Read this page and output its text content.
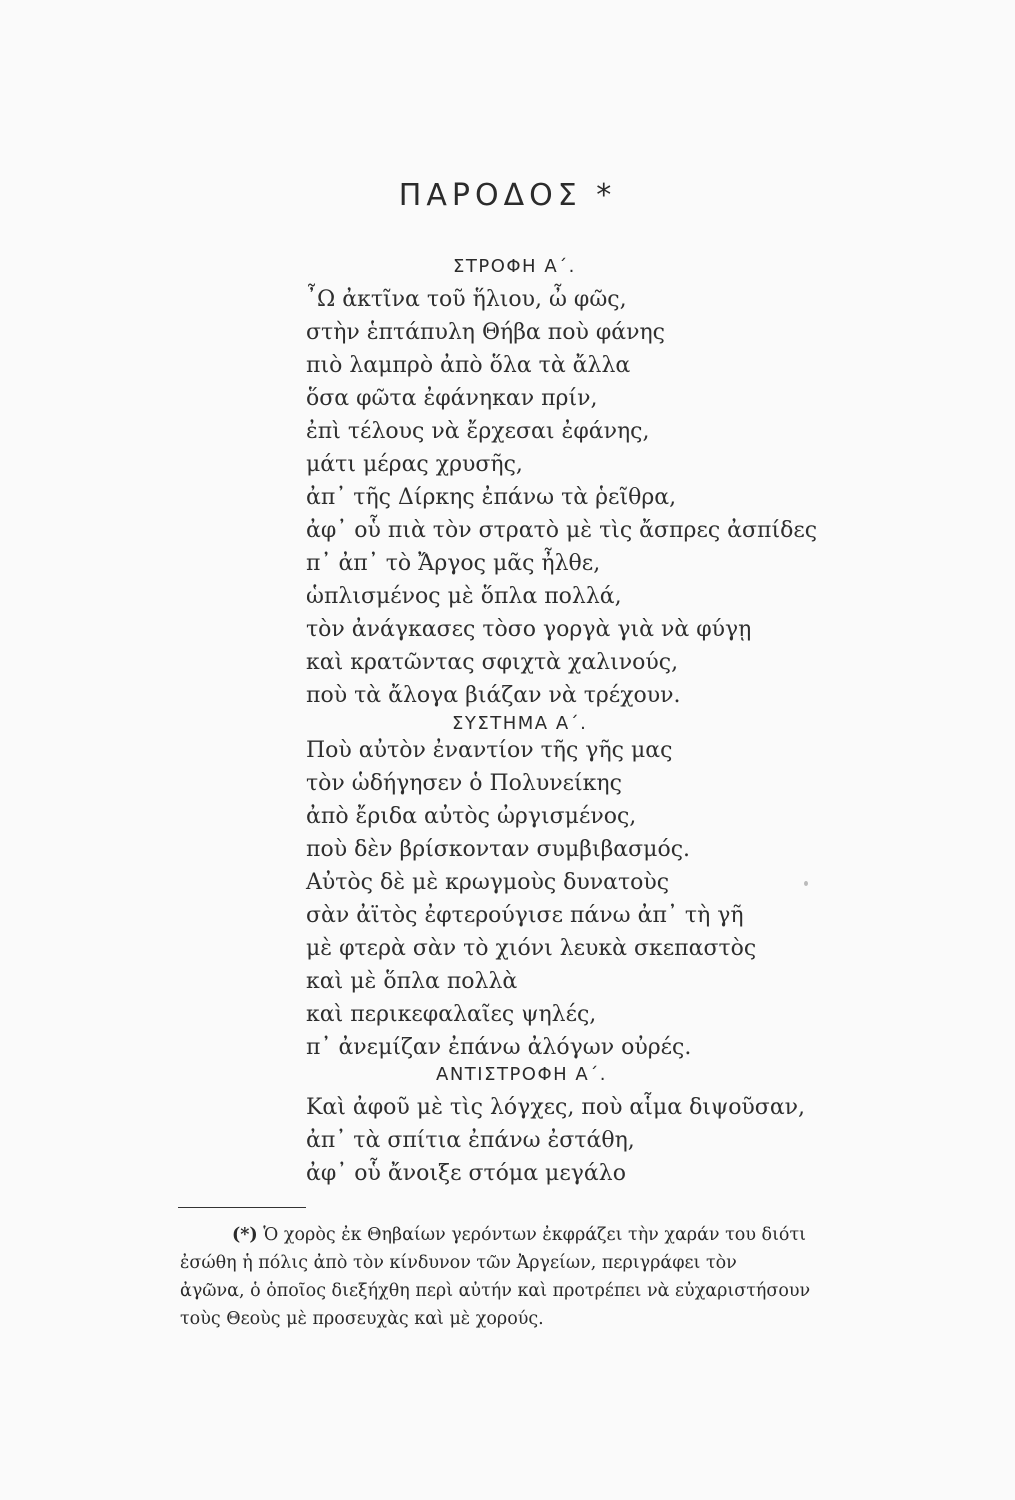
ΠΑΡΟΔΟΣ *
ΣΤΡΟΦΗ Α΄.
῏Ω ἀκτῖνα τοῦ ἥλιου, ὦ φῶς,
στὴν ἑπτάπυλη Θήβα ποὺ φάνης
πιὸ λαμπρὸ ἀπὸ ὅλα τὰ ἄλλα
ὅσα φῶτα ἐφάνηκαν πρίν,
ἐπὶ τέλους νὰ ἔρχεσαι ἐφάνης,
μάτι μέρας χρυσῆς,
ἀπ᾽ τῆς Δίρκης ἐπάνω τὰ ῥεῖθρα,
ἀφ᾽ οὗ πιὰ τὸν στρατὸ μὲ τὶς ἄσπρες ἀσπίδες
π᾽ ἀπ᾽ τὸ Ἄργος μᾶς ἦλθε,
ὡπλισμένος μὲ ὅπλα πολλά,
τὸν ἀνάγκασες τὸσο γοργὰ γιὰ νὰ φύγῃ
καὶ κρατῶντας σφιχτὰ χαλινούς,
ποὺ τὰ ἄλογα βιάζαν νὰ τρέχουν.
ΣΥΣΤΗΜΑ Α΄.
Ποὺ αὐτὸν ἐναντίον τῆς γῆς μας
τὸν ὡδήγησεν ὁ Πολυνείκης
ἀπὸ ἔριδα αὐτὸς ὠργισμένος,
ποὺ δὲν βρίσκονταν συμβιβασμός.
Αὐτὸς δὲ μὲ κρωγμοὺς δυνατοὺς
σὰν ἀϊτὸς ἐφτερούγισε πάνω ἀπ᾽ τὴ γῆ
μὲ φτερὰ σὰν τὸ χιόνι λευκὰ σκεπαστὸς
καὶ μὲ ὅπλα πολλὰ
καὶ περικεφαλαῖες ψηλές,
π᾽ ἀνεμίζαν ἐπάνω ἀλόγων οὐρές.
ΑΝΤΙΣΤΡΟΦΗ Α΄.
Καὶ ἀφοῦ μὲ τὶς λόγχες, ποὺ αἷμα διψοῦσαν,
ἀπ᾽ τὰ σπίτια ἐπάνω ἐστάθη,
ἀφ᾽ οὗ ἄνοιξε στόμα μεγάλο
(*) Ὁ χορὸς ἐκ Θηβαίων γερόντων ἐκφράζει τὴν χαράν του διότι
ἐσώθη ἡ πόλις ἀπὸ τὸν κίνδυνον τῶν Ἀργείων, περιγράφει τὸν
ἀγῶνα, ὁ ὁποῖος διεξήχθη περὶ αὐτήν καὶ προτρέπει νὰ εὐχαριστήσουν
τοὺς Θεοὺς μὲ προσευχὰς καὶ μὲ χορούς.
